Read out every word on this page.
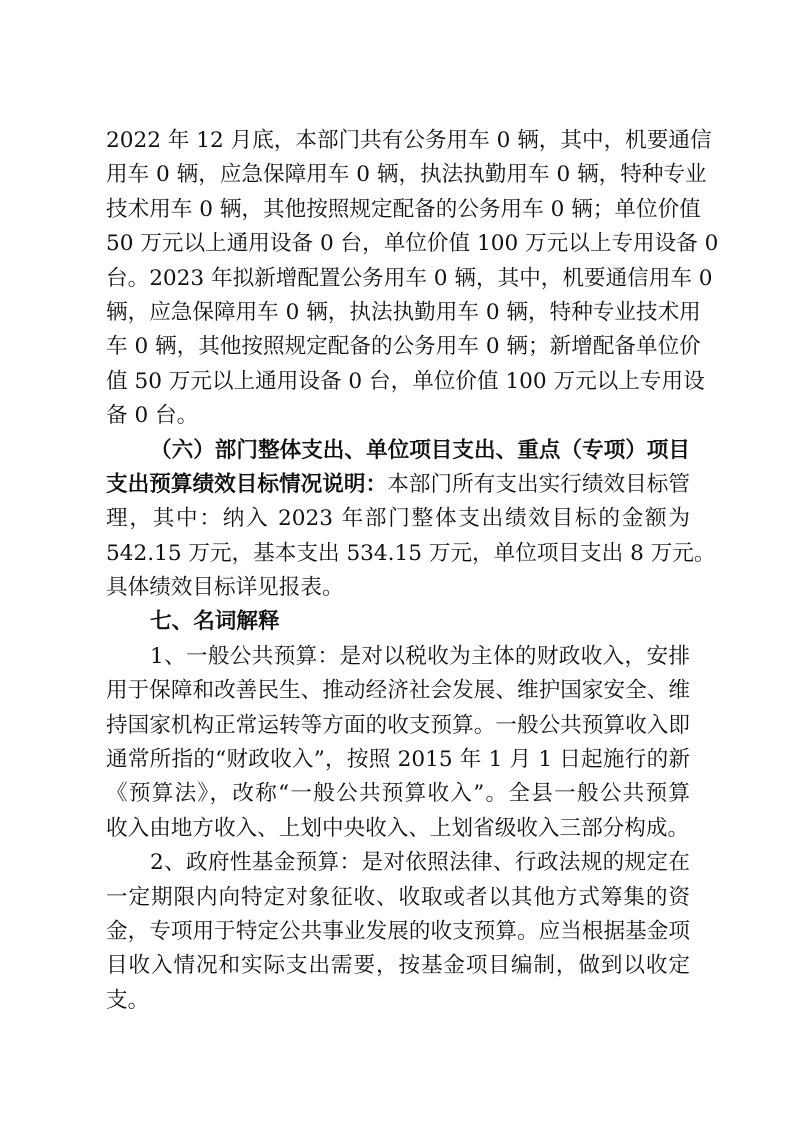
2022 年 12 月底，本部门共有公务用车 0 辆，其中，机要通信
用车 0 辆，应急保障用车 0 辆，执法执勤用车 0 辆，特种专业
技术用车 0 辆，其他按照规定配备的公务用车 0 辆；单位价值
50 万元以上通用设备 0 台，单位价值 100 万元以上专用设备 0
台。2023 年拟新增配置公务用车 0 辆，其中，机要通信用车 0
辆，应急保障用车 0 辆，执法执勤用车 0 辆，特种专业技术用
车 0 辆，其他按照规定配备的公务用车 0 辆；新增配备单位价
值 50 万元以上通用设备 0 台，单位价值 100 万元以上专用设
备 0 台。
（六）部门整体支出、单位项目支出、重点（专项）项目
支出预算绩效目标情况说明：本部门所有支出实行绩效目标管
理，其中：纳入 2023 年部门整体支出绩效目标的金额为
542.15 万元，基本支出 534.15 万元，单位项目支出 8 万元。
具体绩效目标详见报表。
七、名词解释
1、一般公共预算：是对以税收为主体的财政收入，安排
用于保障和改善民生、推动经济社会发展、维护国家安全、维
持国家机构正常运转等方面的收支预算。一般公共预算收入即
通常所指的“财政收入”，按照 2015 年 1 月 1 日起施行的新
《预算法》，改称“一般公共预算收入”。全县一般公共预算
收入由地方收入、上划中央收入、上划省级收入三部分构成。
2、政府性基金预算：是对依照法律、行政法规的规定在
一定期限内向特定对象征收、收取或者以其他方式筹集的资
金，专项用于特定公共事业发展的收支预算。应当根据基金项
目收入情况和实际支出需要，按基金项目编制，做到以收定
支。
